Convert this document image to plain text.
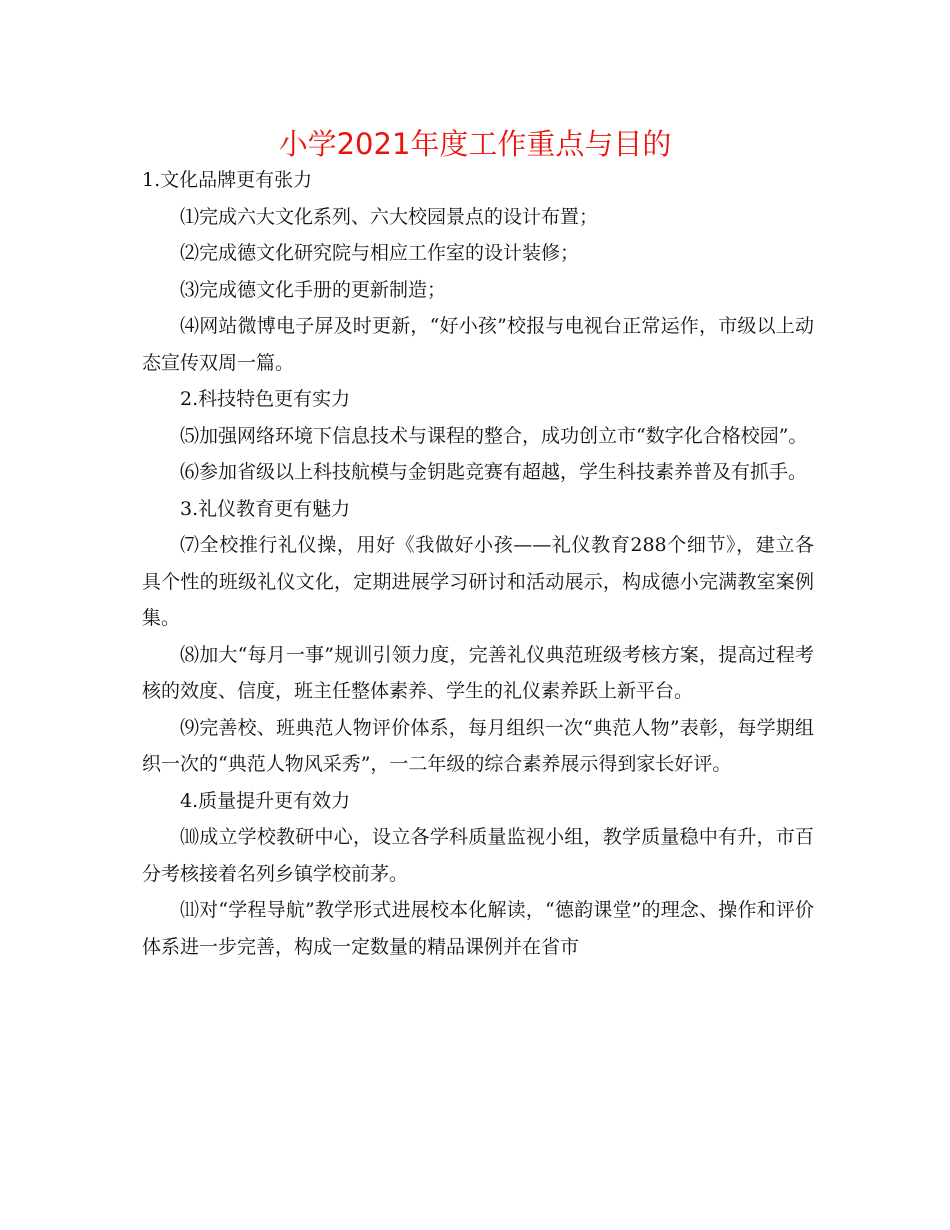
小学2021年度工作重点与目的

1.文化品牌更有张力

⑴完成六大文化系列、六大校园景点的设计布置；

⑵完成德文化研究院与相应工作室的设计装修；

⑶完成德文化手册的更新制造；

⑷网站微博电子屏及时更新，“好小孩”校报与电视台正常运作，市级以上动态宣传双周一篇。

2.科技特色更有实力

⑸加强网络环境下信息技术与课程的整合，成功创立市“数字化合格校园”。

⑹参加省级以上科技航模与金钥匙竞赛有超越，学生科技素养普及有抓手。

3.礼仪教育更有魅力

⑺全校推行礼仪操，用好《我做好小孩——礼仪教育288个细节》，建立各具个性的班级礼仪文化，定期进展学习研讨和活动展示，构成德小完满教室案例集。

⑻加大“每月一事”规训引领力度，完善礼仪典范班级考核方案，提高过程考核的效度、信度，班主任整体素养、学生的礼仪素养跃上新平台。

⑼完善校、班典范人物评价体系，每月组织一次“典范人物”表彰，每学期组织一次的“典范人物风采秀”，一二年级的综合素养展示得到家长好评。

4.质量提升更有效力

⑽成立学校教研中心，设立各学科质量监视小组，教学质量稳中有升，市百分考核接着名列乡镇学校前茅。

⑾对“学程导航”教学形式进展校本化解读，“德韵课堂”的理念、操作和评价体系进一步完善，构成一定数量的精品课例并在省市
